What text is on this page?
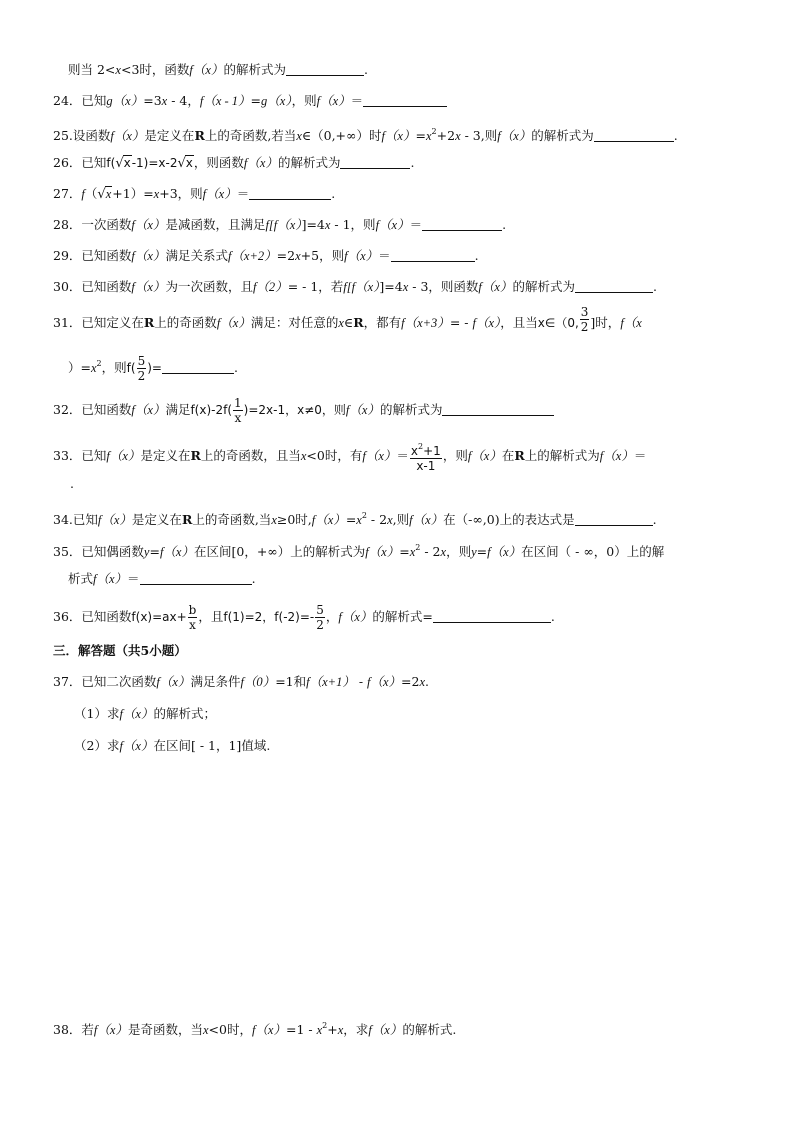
则当 2<x<3时，函数f（x）的解析式为	.
24．已知g（x）=3x - 4，f（x - 1）=g（x），则f（x）＝
25.设函数f（x）是定义在R上的奇函数,若当x∈（0,+∞）时$f(x)=x^2+2x - 3$,则f（x）的解析式为	.
26．已知f(√x-1)=x-2√x，则函数f（x）的解析式为	.
27．f（√x+1）=x+3，则f（x）＝	.
28．一次函数f（x）是减函数，且满足f[f（x）]=4x - 1，则f（x）＝	.
29．已知函数f（x）满足关系式f（x+2）=2x+5，则f（x）＝	.
30．已知函数f（x）为一次函数，且f（2）= - 1，若f[f（x）]=4x - 3，则函数f（x）的解析式为	.
31．已知定义在R上的奇函数f（x）满足：对任意的x∈R，都有f（x+3）= - f（x），且当x∈（0, $\frac{3}{2}$ ]时，f（x
）$=x^2$，则$f( \frac{5}{2}$ )=	.
32．已知函数f（x）满足$f(x)-2f( \frac{1}{x} )=2x-1$，x≠0，则f（x）的解析式为
33．已知f（x）是定义在R上的奇函数，且当x<0时，有$f(x)= \frac{x^2+1}{x-1}$ ，则f（x）在R上的解析式为f（x）＝
.
34.已知f（x）是定义在R上的奇函数,当x≥0时$,f(x)=x^2 - 2x$,则f（x）在（-∞,0)上的表达式是	.
35．已知偶函数y=f（x）在区间[0，+∞）上的解析式为$f(x)=x^2 - 2x$，则y=f（x）在区间（ - ∞，0）上的解
析式f（x）＝	.
36．已知函数$f(x)=ax+ \frac{b}{x}$ ，且f(1)=2，$f(-2)=- \frac{5}{2}$ ，f（x）的解析式=	.
三．解答题（共5小题）
37．已知二次函数f（x）满足条件f（0）=1和f（x+1） - f（x）=2x.
（1）求f（x）的解析式；
（2）求f（x）在区间[ - 1，1]值域.
38．若f（x）是奇函数，当x<0时，$f(x)=1 - x^2+x$，求f（x）的解析式.
